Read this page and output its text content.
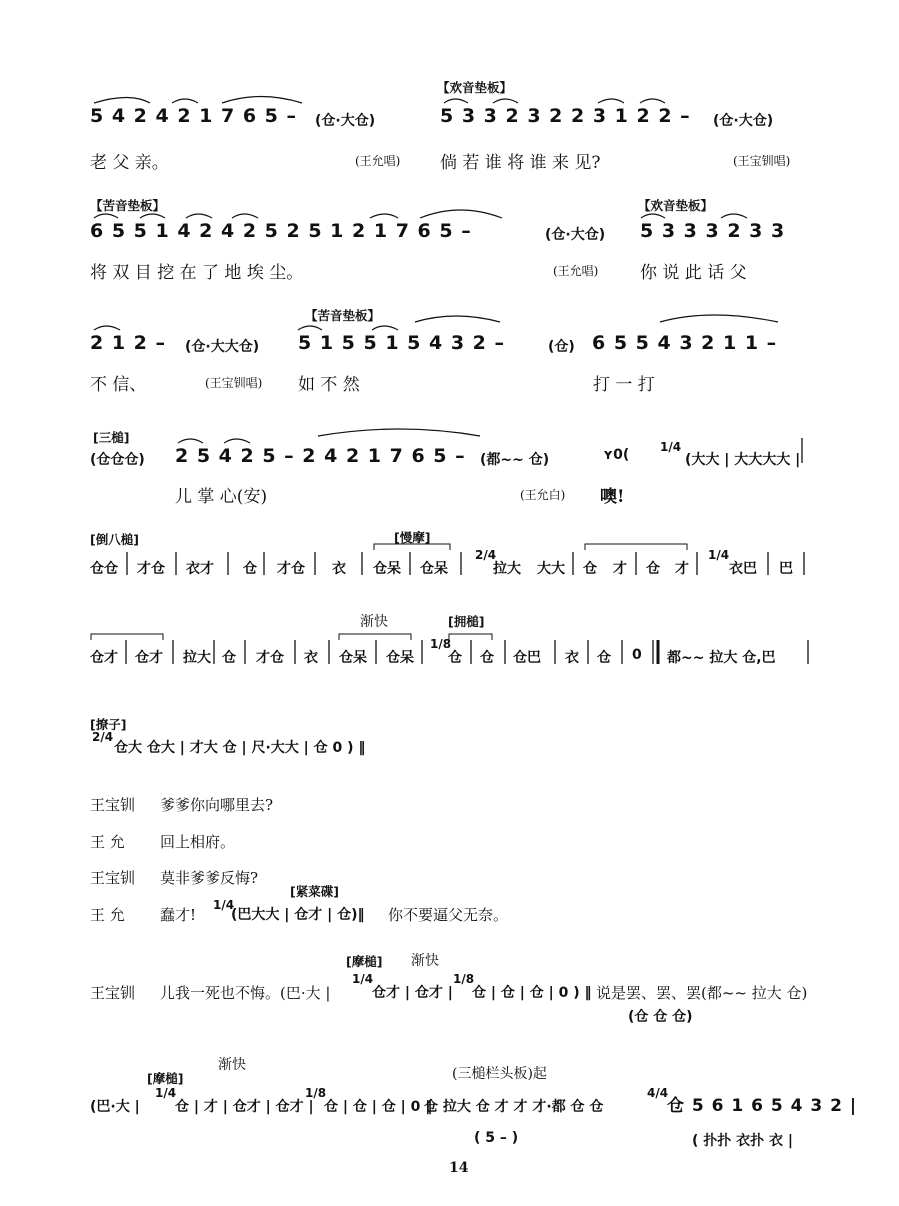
【欢音垫板】
5 4 2 4 2 1 7 6 5 – (仓·大仓)	5 3 3 2 3 2 2 3 1 2 2 – (仓·大仓)
老 父 亲。	(王允唱) 倘 若 谁 将 谁 来 见?	(王宝钏唱)
【苦音垫板】	【欢音垫板】
6 5 5 1 4 2 4 2 5 2 5 1 2 1 7 6 5 –	(仓·大仓) 5 3 3 3 2 3 3
将 双 目 挖 在 了 地 埃 尘。	(王允唱) 你 说 此 话 父
【苦音垫板】
2 1 2 – (仓·大大仓) 5 1 5 5 1 5 4 3 2 –	(仓) 6 5 5 4 3 2 1 1 –
不 信、	(王宝钏唱) 如 不 然	打 一 打
[三槌]
(仓仓仓) 2 5 4 2 5 – 2 4 2 1 7 6 5 – (都~~ 仓)	ʏ0(	1/4
(大大 | 大大大大 |
儿 掌 心(安)	(王允白) 噢!
[倒八槌]	[慢摩]
仓仓 才仓 衣才 仓 才仓 衣 仓呆 仓呆
2/4
拉大 大大 仓 才 仓 才
1/4
衣巴 巴
渐快	[拥槌]
仓才 仓才 拉大 仓 才仓 衣 仓呆 仓呆
1/8
仓 仓 仓巴 衣 仓 0 都~~ 拉大 仓,巴
[撩子]
2/4
仓大 仓大 | 才大 仓 | 尺·大大 | 仓 0 ) ‖
王宝钏 爹爹你向哪里去?
王 允 回上相府。
王宝钏 莫非爹爹反悔?
[紧菜碟]
王 允 蠢才!
1/4
(巴大大 | 仓才 | 仓)‖ 你不要逼父无奈。
[摩槌] 渐快
王宝钏 儿我一死也不悔。(巴·大 |
1/4
仓才 | 仓才 |
1/8
仓 | 仓 | 仓 | 0 ) ‖ 说是罢、罢、罢(都~~ 拉大 仓)
(仓 仓 仓)
[摩槌]
渐快
(三槌栏头板)起
(巴·大 |
1/4
仓 | 才 | 仓才 | 仓才 |
1/8
仓 | 仓 | 仓 | 0 ‖
仓 拉大 仓 才 才 才·都 仓 仓
4/4
仓 5 6 1 6 5 4 3 2 |
( 5 – )	( 扑扑 衣扑 衣 |
14
